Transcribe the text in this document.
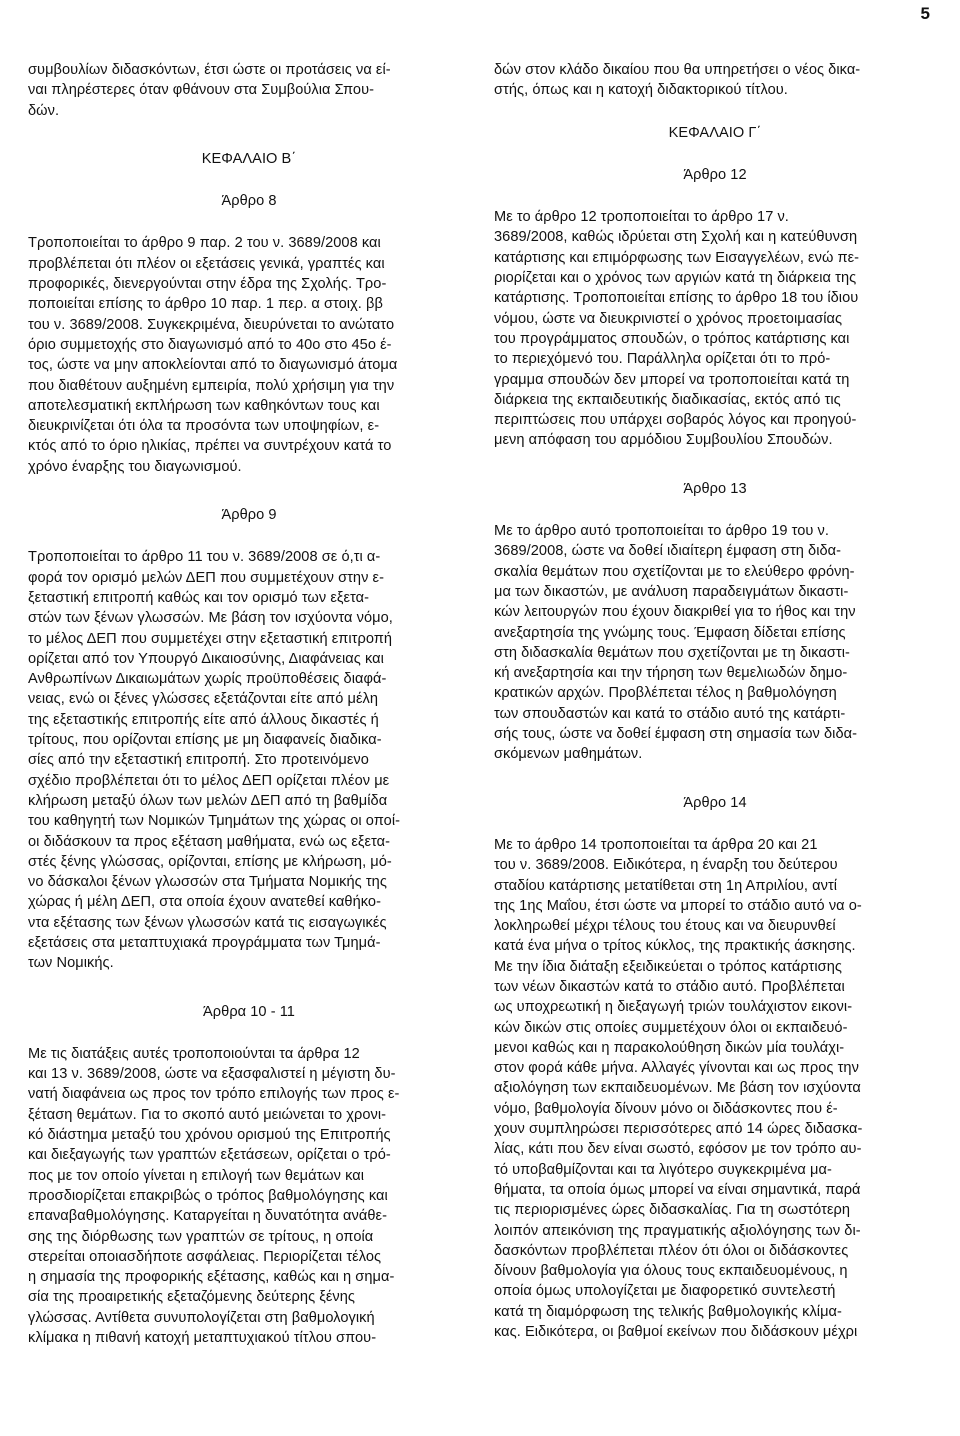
5

συμβουλίων διδασκόντων, έτσι ώστε οι προτάσεις να εί-
ναι πληρέστερες όταν φθάνουν στα Συμβούλια Σπου-
δών.

ΚΕΦΑΛΑΙΟ Β΄

Άρθρο 8

Τροποποιείται το άρθρο 9 παρ. 2 του ν. 3689/2008 και
προβλέπεται ότι πλέον οι εξετάσεις γενικά, γραπτές και
προφορικές, διενεργούνται στην έδρα της Σχολής. Τρο-
ποποιείται επίσης το άρθρο 10 παρ. 1 περ. α στοιχ. ββ
του ν. 3689/2008. Συγκεκριμένα, διευρύνεται το ανώτατο
όριο συμμετοχής στο διαγωνισμό από το 40ο στο 45ο έ-
τος, ώστε να μην αποκλείονται από το διαγωνισμό άτομα
που διαθέτουν αυξημένη εμπειρία, πολύ χρήσιμη για την
αποτελεσματική εκπλήρωση των καθηκόντων τους και
διευκρινίζεται ότι όλα τα προσόντα των υποψηφίων, ε-
κτός από το όριο ηλικίας, πρέπει να συντρέχουν κατά το
χρόνο έναρξης του διαγωνισμού.

Άρθρο 9

Τροποποιείται το άρθρο 11 του ν. 3689/2008 σε ό,τι α-
φορά τον ορισμό μελών ΔΕΠ που συμμετέχουν στην ε-
ξεταστική επιτροπή καθώς και τον ορισμό των εξετα-
στών των ξένων γλωσσών. Με βάση τον ισχύοντα νόμο,
το μέλος ΔΕΠ που συμμετέχει στην εξεταστική επιτροπή
ορίζεται από τον Υπουργό Δικαιοσύνης, Διαφάνειας και
Ανθρωπίνων Δικαιωμάτων χωρίς προϋποθέσεις διαφά-
νειας, ενώ οι ξένες γλώσσες εξετάζονται είτε από μέλη
της εξεταστικής επιτροπής είτε από άλλους δικαστές ή
τρίτους, που ορίζονται επίσης με μη διαφανείς διαδικα-
σίες από την εξεταστική επιτροπή. Στο προτεινόμενο
σχέδιο προβλέπεται ότι το μέλος ΔΕΠ ορίζεται πλέον με
κλήρωση μεταξύ όλων των μελών ΔΕΠ από τη βαθμίδα
του καθηγητή των Νομικών Τμημάτων της χώρας οι οποί-
οι διδάσκουν τα προς εξέταση μαθήματα, ενώ ως εξετα-
στές ξένης γλώσσας, ορίζονται, επίσης με κλήρωση, μό-
νο δάσκαλοι ξένων γλωσσών στα Τμήματα Νομικής της
χώρας ή μέλη ΔΕΠ, στα οποία έχουν ανατεθεί καθήκο-
ντα εξέτασης των ξένων γλωσσών κατά τις εισαγωγικές
εξετάσεις στα μεταπτυχιακά προγράμματα των Τμημά-
των Νομικής.

Άρθρα 10 - 11

Με τις διατάξεις αυτές τροποποιούνται τα άρθρα 12
και 13 ν. 3689/2008, ώστε να εξασφαλιστεί η μέγιστη δυ-
νατή διαφάνεια ως προς τον τρόπο επιλογής των προς ε-
ξέταση θεμάτων. Για το σκοπό αυτό μειώνεται το χρονι-
κό διάστημα μεταξύ του χρόνου ορισμού της Επιτροπής
και διεξαγωγής των γραπτών εξετάσεων, ορίζεται ο τρό-
πος με τον οποίο γίνεται η επιλογή των θεμάτων και
προσδιορίζεται επακριβώς ο τρόπος βαθμολόγησης και
επαναβαθμολόγησης. Καταργείται η δυνατότητα ανάθε-
σης της διόρθωσης των γραπτών σε τρίτους, η οποία
στερείται οποιασδήποτε ασφάλειας. Περιορίζεται τέλος
η σημασία της προφορικής εξέτασης, καθώς και η σημα-
σία της προαιρετικής εξεταζόμενης δεύτερης ξένης
γλώσσας. Αντίθετα συνυπολογίζεται στη βαθμολογική
κλίμακα η πιθανή κατοχή μεταπτυχιακού τίτλου σπου-

δών στον κλάδο δικαίου που θα υπηρετήσει ο νέος δικα-
στής, όπως και η κατοχή διδακτορικού τίτλου.

ΚΕΦΑΛΑΙΟ Γ΄

Άρθρο 12

Με το άρθρο 12 τροποποιείται το άρθρο 17 ν.
3689/2008, καθώς ιδρύεται στη Σχολή και η κατεύθυνση
κατάρτισης και επιμόρφωσης των Εισαγγελέων, ενώ πε-
ριορίζεται και ο χρόνος των αργιών κατά τη διάρκεια της
κατάρτισης. Τροποποιείται επίσης το άρθρο 18 του ίδιου
νόμου, ώστε να διευκρινιστεί ο χρόνος προετοιμασίας
του προγράμματος σπουδών, ο τρόπος κατάρτισης και
το περιεχόμενό του. Παράλληλα ορίζεται ότι το πρό-
γραμμα σπουδών δεν μπορεί να τροποποιείται κατά τη
διάρκεια της εκπαιδευτικής διαδικασίας, εκτός από τις
περιπτώσεις που υπάρχει σοβαρός λόγος και προηγού-
μενη απόφαση του αρμόδιου Συμβουλίου Σπουδών.

Άρθρο 13

Με το άρθρο αυτό τροποποιείται το άρθρο 19 του ν.
3689/2008, ώστε να δοθεί ιδιαίτερη έμφαση στη διδα-
σκαλία θεμάτων που σχετίζονται με το ελεύθερο φρόνη-
μα των δικαστών, με ανάλυση παραδειγμάτων δικαστι-
κών λειτουργών που έχουν διακριθεί για το ήθος και την
ανεξαρτησία της γνώμης τους. Έμφαση δίδεται επίσης
στη διδασκαλία θεμάτων που σχετίζονται με τη δικαστι-
κή ανεξαρτησία και την τήρηση των θεμελιωδών δημο-
κρατικών αρχών. Προβλέπεται τέλος η βαθμολόγηση
των σπουδαστών και κατά το στάδιο αυτό της κατάρτι-
σής τους, ώστε να δοθεί έμφαση στη σημασία των διδα-
σκόμενων μαθημάτων.

Άρθρο 14

Με το άρθρο 14 τροποποιείται τα άρθρα 20 και 21
του ν. 3689/2008. Ειδικότερα, η έναρξη του δεύτερου
σταδίου κατάρτισης μετατίθεται στη 1η Απριλίου, αντί
της 1ης Μαΐου, έτσι ώστε να μπορεί το στάδιο αυτό να ο-
λοκληρωθεί μέχρι τέλους του έτους και να διευρυνθεί
κατά ένα μήνα ο τρίτος κύκλος, της πρακτικής άσκησης.
Με την ίδια διάταξη εξειδικεύεται ο τρόπος κατάρτισης
των νέων δικαστών κατά το στάδιο αυτό. Προβλέπεται
ως υποχρεωτική η διεξαγωγή τριών τουλάχιστον εικονι-
κών δικών στις οποίες συμμετέχουν όλοι οι εκπαιδευό-
μενοι καθώς και η παρακολούθηση δικών μία τουλάχι-
στον φορά κάθε μήνα. Αλλαγές γίνονται και ως προς την
αξιολόγηση των εκπαιδευομένων. Με βάση τον ισχύοντα
νόμο, βαθμολογία δίνουν μόνο οι διδάσκοντες που έ-
χουν συμπληρώσει περισσότερες από 14 ώρες διδασκα-
λίας, κάτι που δεν είναι σωστό, εφόσον με τον τρόπο αυ-
τό υποβαθμίζονται και τα λιγότερο συγκεκριμένα μα-
θήματα, τα οποία όμως μπορεί να είναι σημαντικά, παρά
τις περιορισμένες ώρες διδασκαλίας. Για τη σωστότερη
λοιπόν απεικόνιση της πραγματικής αξιολόγησης των δι-
δασκόντων προβλέπεται πλέον ότι όλοι οι διδάσκοντες
δίνουν βαθμολογία για όλους τους εκπαιδευομένους, η
οποία όμως υπολογίζεται με διαφορετικό συντελεστή
κατά τη διαμόρφωση της τελικής βαθμολογικής κλίμα-
κας. Ειδικότερα, οι βαθμοί εκείνων που διδάσκουν μέχρι
